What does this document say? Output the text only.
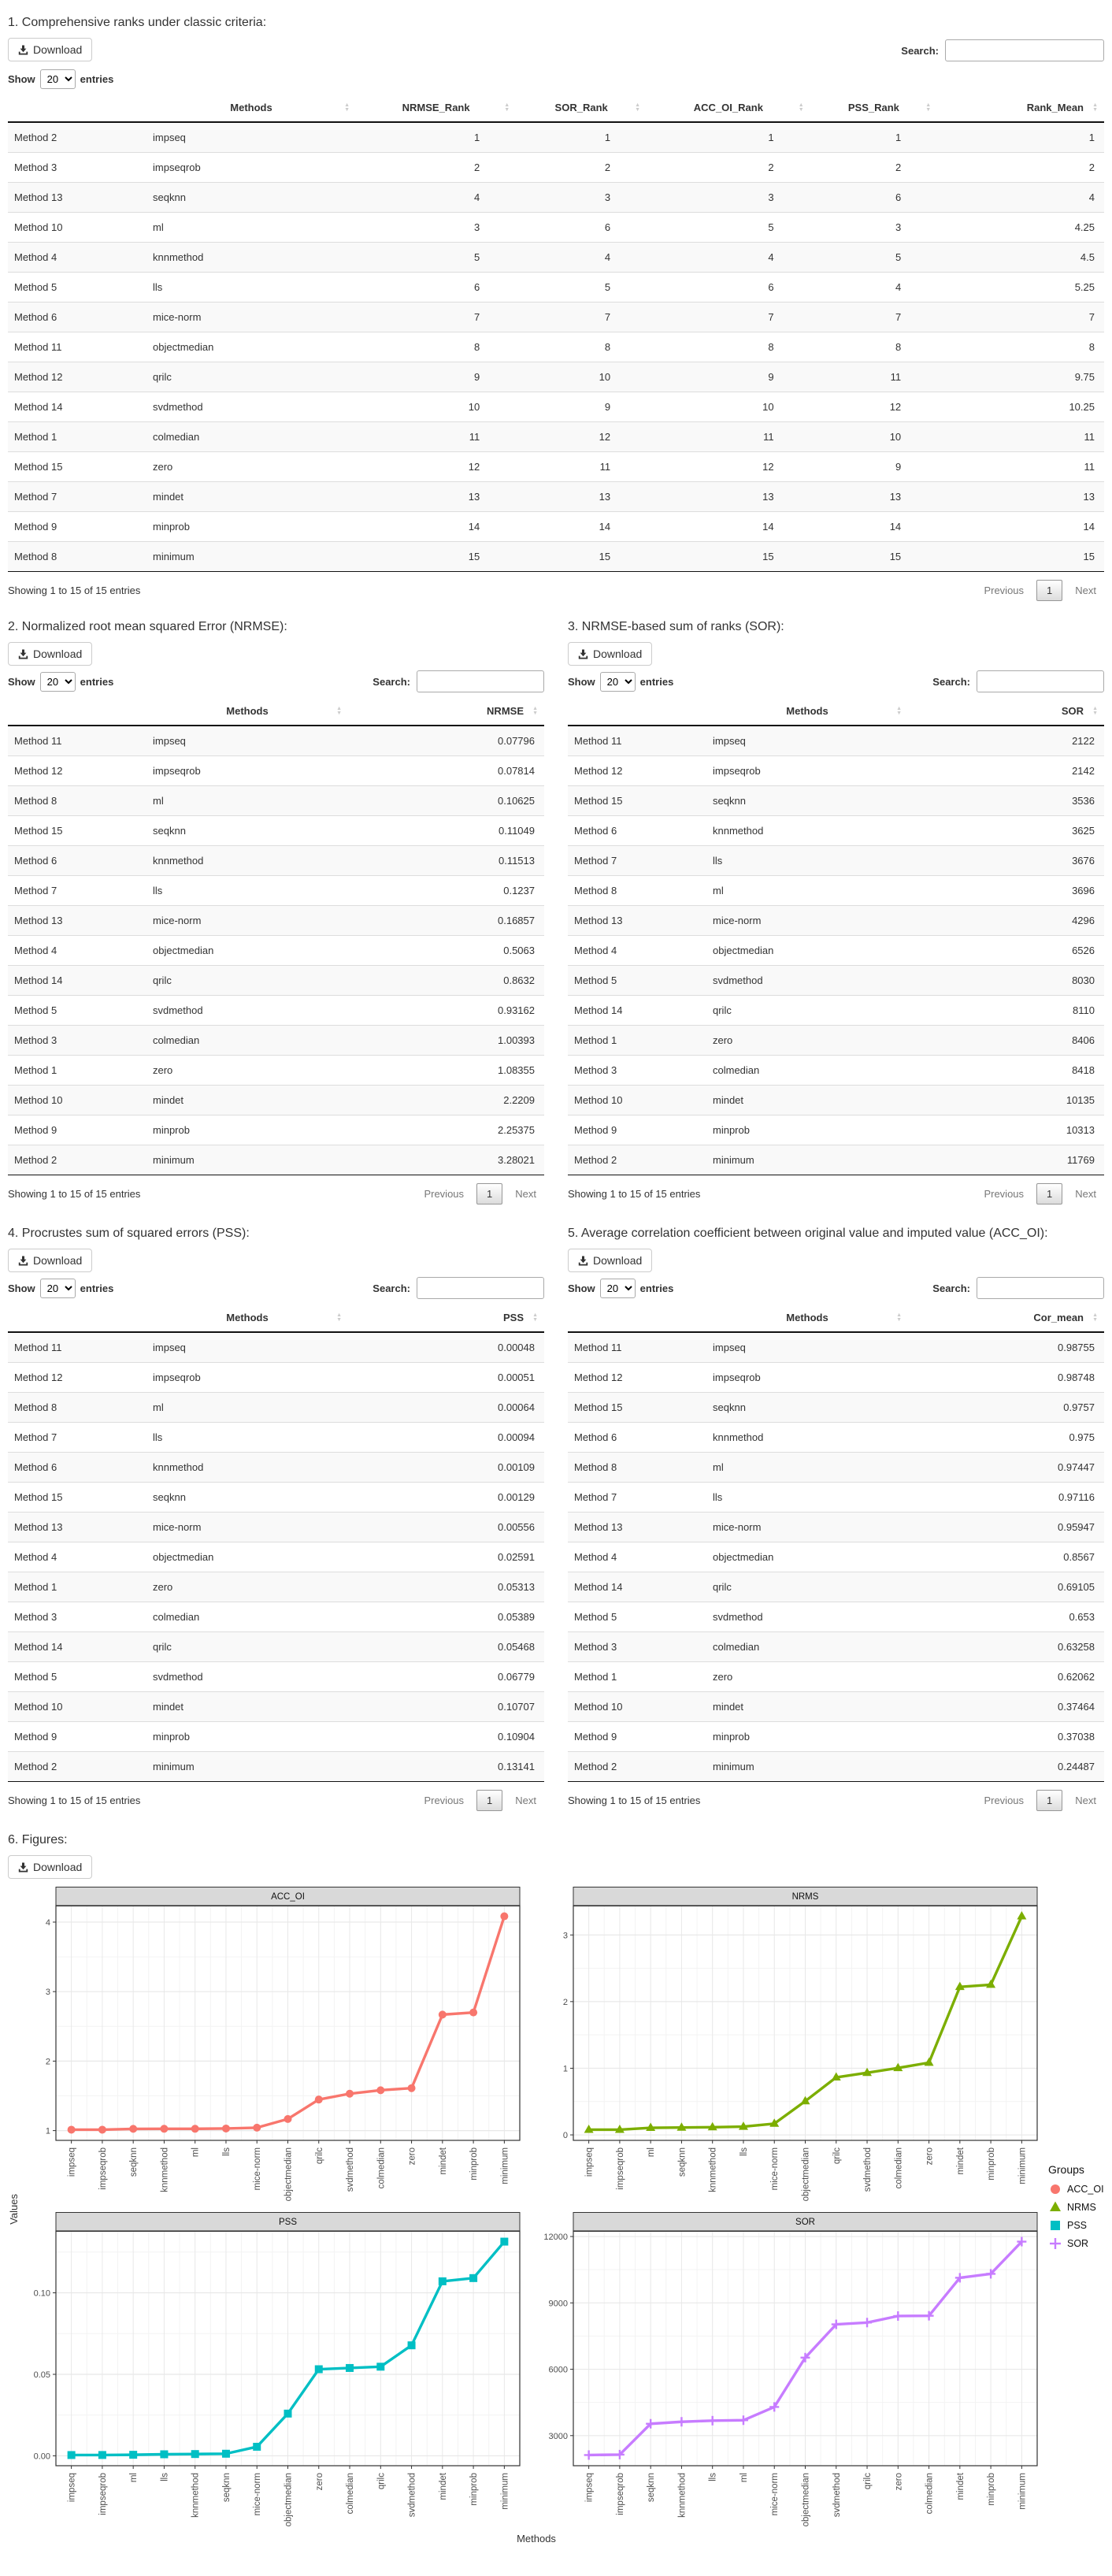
1. Comprehensive ranks under classic criteria:
Download	Search:
Show
20	entries
	Methods ▲
▼	NRMSE_Rank ▲
▼	SOR_Rank ▲
▼	ACC_OI_Rank ▲
▼	PSS_Rank ▲
▼	Rank_Mean ▲
▼

Method 2	impseq	1	1	1	1	1
Method 3	impseqrob	2	2	2	2	2
Method 13	seqknn	4	3	3	6	4
Method 10	ml	3	6	5	3	4.25
Method 4	knnmethod	5	4	4	5	4.5
Method 5	lls	6	5	6	4	5.25
Method 6	mice-norm	7	7	7	7	7
Method 11	objectmedian	8	8	8	8	8
Method 12	qrilc	9	10	9	11	9.75
Method 14	svdmethod	10	9	10	12	10.25
Method 1	colmedian	11	12	11	10	11
Method 15	zero	12	11	12	9	11
Method 7	mindet	13	13	13	13	13
Method 9	minprob	14	14	14	14	14
Method 8	minimum	15	15	15	15	15
Showing 1 to 15 of 15 entries	Previous	1	Next
2. Normalized root mean squared Error (NRMSE):
Download
Show
20	entries	Search:
	Methods ▲
▼	NRMSE ▲
▼

Method 11	impseq	0.07796
Method 12	impseqrob	0.07814
Method 8	ml	0.10625
Method 15	seqknn	0.11049
Method 6	knnmethod	0.11513
Method 7	lls	0.1237
Method 13	mice-norm	0.16857
Method 4	objectmedian	0.5063
Method 14	qrilc	0.8632
Method 5	svdmethod	0.93162
Method 3	colmedian	1.00393
Method 1	zero	1.08355
Method 10	mindet	2.2209
Method 9	minprob	2.25375
Method 2	minimum	3.28021
Showing 1 to 15 of 15 entries	Previous	1	Next
3. NRMSE-based sum of ranks (SOR):
Download
Show
20	entries	Search:
	Methods ▲
▼	SOR ▲
▼

Method 11	impseq	2122
Method 12	impseqrob	2142
Method 15	seqknn	3536
Method 6	knnmethod	3625
Method 7	lls	3676
Method 8	ml	3696
Method 13	mice-norm	4296
Method 4	objectmedian	6526
Method 5	svdmethod	8030
Method 14	qrilc	8110
Method 1	zero	8406
Method 3	colmedian	8418
Method 10	mindet	10135
Method 9	minprob	10313
Method 2	minimum	11769
Showing 1 to 15 of 15 entries	Previous	1	Next
4. Procrustes sum of squared errors (PSS):
Download
Show
20	entries	Search:
	Methods ▲
▼	PSS ▲
▼

Method 11	impseq	0.00048
Method 12	impseqrob	0.00051
Method 8	ml	0.00064
Method 7	lls	0.00094
Method 6	knnmethod	0.00109
Method 15	seqknn	0.00129
Method 13	mice-norm	0.00556
Method 4	objectmedian	0.02591
Method 1	zero	0.05313
Method 3	colmedian	0.05389
Method 14	qrilc	0.05468
Method 5	svdmethod	0.06779
Method 10	mindet	0.10707
Method 9	minprob	0.10904
Method 2	minimum	0.13141
Showing 1 to 15 of 15 entries	Previous	1	Next
5. Average correlation coefficient between original value and imputed value (ACC_OI):
Download
Show
20	entries	Search:
	Methods ▲
▼	Cor_mean ▲
▼

Method 11	impseq	0.98755
Method 12	impseqrob	0.98748
Method 15	seqknn	0.9757
Method 6	knnmethod	0.975
Method 8	ml	0.97447
Method 7	lls	0.97116
Method 13	mice-norm	0.95947
Method 4	objectmedian	0.8567
Method 14	qrilc	0.69105
Method 5	svdmethod	0.653
Method 3	colmedian	0.63258
Method 1	zero	0.62062
Method 10	mindet	0.37464
Method 9	minprob	0.37038
Method 2	minimum	0.24487
Showing 1 to 15 of 15 entries	Previous	1	Next
6. Figures:
Download
Values
ACC_OI
1
2
3
4
impseq impseqrob seqknn knnmethod ml lls mice-norm objectmedian qrilc svdmethod colmedian zero mindet minprob minimum
NRMS
0
1
2
3
impseq impseqrob ml seqknn knnmethod lls mice-norm objectmedian qrilc svdmethod colmedian zero mindet minprob minimum
PSS
0.00
0.05
0.10
impseq impseqrob ml lls knnmethod seqknn mice-norm objectmedian zero colmedian qrilc svdmethod mindet minprob minimum
SOR
3000
6000
9000
12000
impseq impseqrob seqknn knnmethod lls ml mice-norm objectmedian svdmethod qrilc zero colmedian mindet minprob minimum
Groups
ACC_OI
NRMS
PSS
SOR
Methods
